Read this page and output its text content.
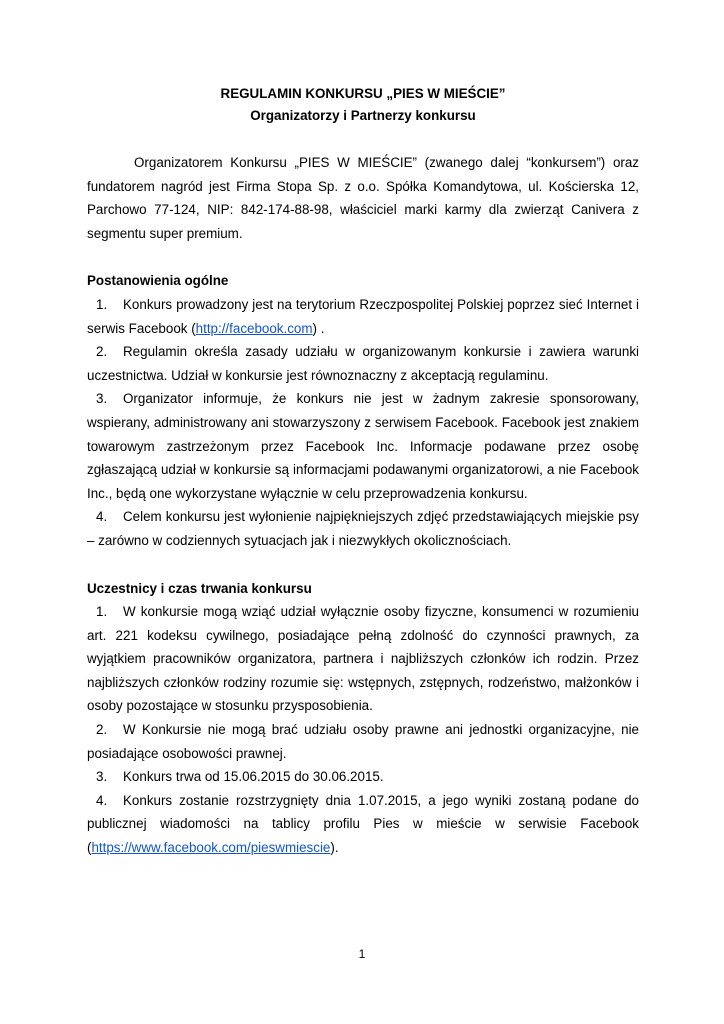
REGULAMIN KONKURSU „PIES W MIEŚCIE”

Organizatorzy i Partnerzy konkursu

Organizatorem Konkursu „PIES W MIEŚCIE” (zwanego dalej “konkursem”) oraz fundatorem nagród jest Firma Stopa Sp. z o.o. Spółka Komandytowa, ul. Kościerska 12, Parchowo 77-124, NIP: 842-174-88-98, właściciel marki karmy dla zwierząt Canivera z segmentu super premium.

Postanowienia ogólne

1. Konkurs prowadzony jest na terytorium Rzeczpospolitej Polskiej poprzez sieć Internet i serwis Facebook (http://facebook.com) .
2. Regulamin określa zasady udziału w organizowanym konkursie i zawiera warunki uczestnictwa. Udział w konkursie jest równoznaczny z akceptacją regulaminu.
3. Organizator informuje, że konkurs nie jest w żadnym zakresie sponsorowany, wspierany, administrowany ani stowarzyszony z serwisem Facebook. Facebook jest znakiem towarowym zastrzeżonym przez Facebook Inc. Informacje podawane przez osobę zgłaszającą udział w konkursie są informacjami podawanymi organizatorowi, a nie Facebook Inc., będą one wykorzystane wyłącznie w celu przeprowadzenia konkursu.
4. Celem konkursu jest wyłonienie najpiękniejszych zdjęć przedstawiających miejskie psy – zarówno w codziennych sytuacjach jak i niezwykłych okolicznościach.

Uczestnicy i czas trwania konkursu

1. W konkursie mogą wziąć udział wyłącznie osoby fizyczne, konsumenci w rozumieniu art. 221 kodeksu cywilnego, posiadające pełną zdolność do czynności prawnych, za wyjątkiem pracowników organizatora, partnera i najbliższych członków ich rodzin. Przez najbliższych członków rodziny rozumie się: wstępnych, zstępnych, rodzeństwo, małżonków i osoby pozostające w stosunku przysposobienia.
2. W Konkursie nie mogą brać udziału osoby prawne ani jednostki organizacyjne, nie posiadające osobowości prawnej.
3. Konkurs trwa od 15.06.2015 do 30.06.2015.
4. Konkurs zostanie rozstrzygnięty dnia 1.07.2015, a jego wyniki zostaną podane do publicznej wiadomości na tablicy profilu Pies w mieście w serwisie Facebook (https://www.facebook.com/pieswmiescie).
1
